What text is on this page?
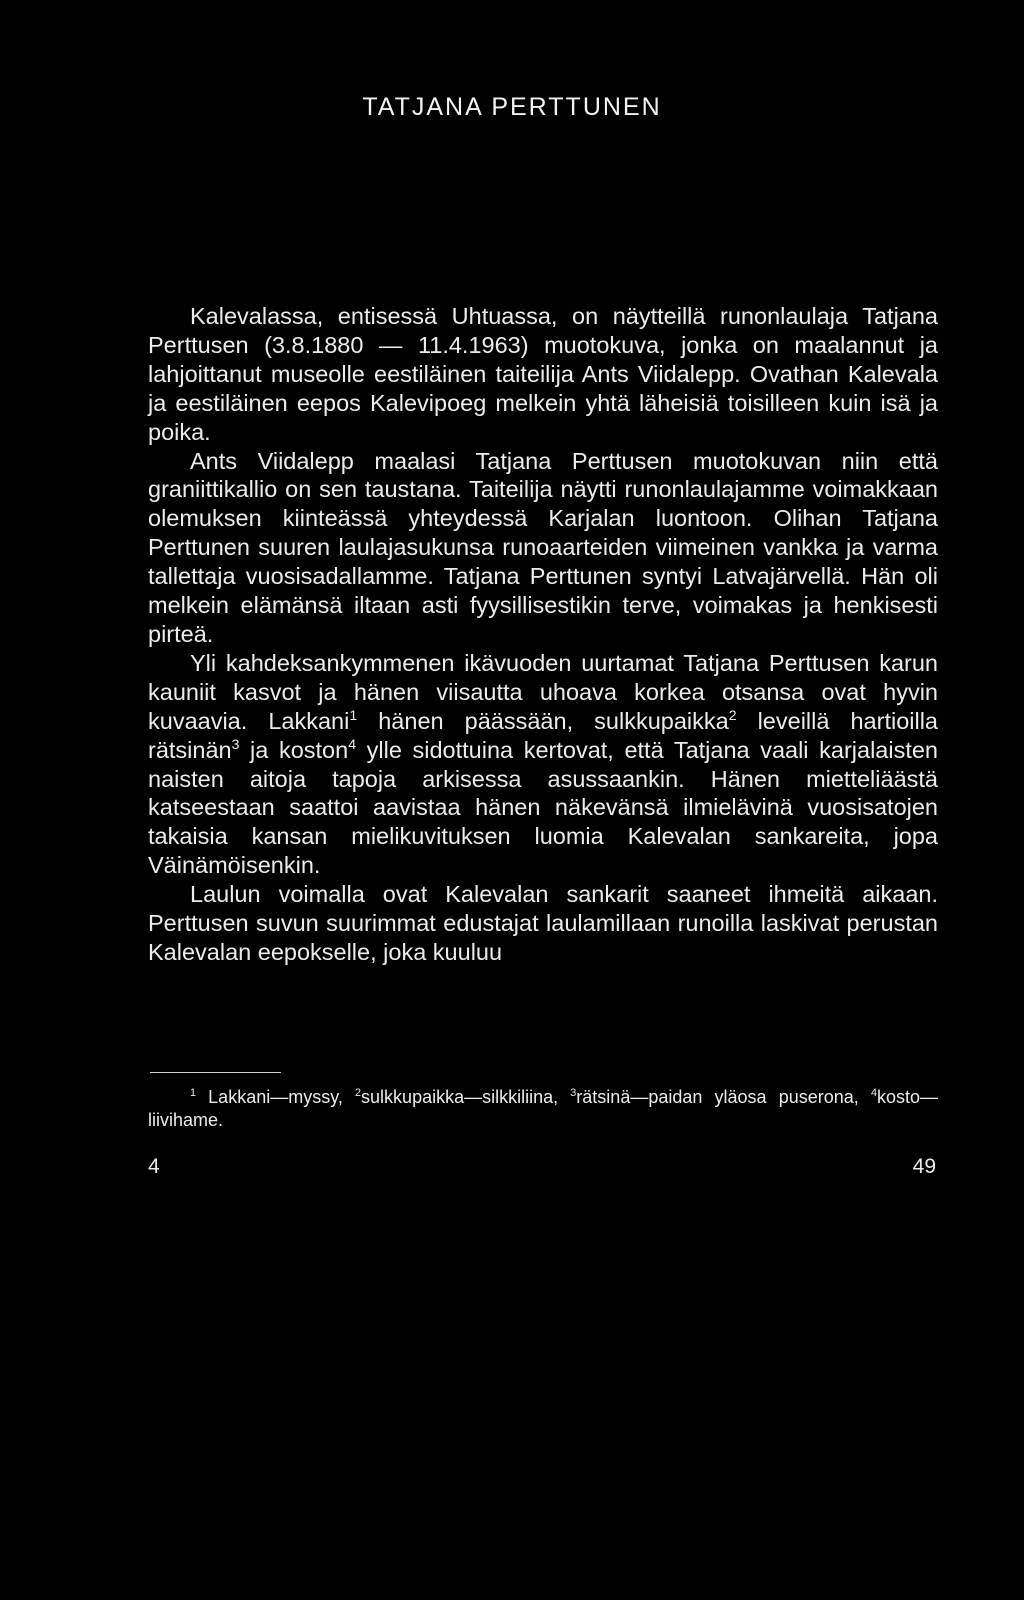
TATJANA PERTTUNEN

Kalevalassa, entisessä Uhtuassa, on näytteillä runonlaulaja Tatjana Perttusen (3.8.1880 — 11.4.1963) muotokuva, jonka on maalannut ja lahjoittanut museolle eestiläinen taiteilija Ants Viidalepp. Ovathan Kalevala ja eestiläinen eepos Kalevipoeg melkein yhtä läheisiä toisilleen kuin isä ja poika.

Ants Viidalepp maalasi Tatjana Perttusen muotokuvan niin että graniittikallio on sen taustana. Taiteilija näytti runonlaulajamme voimakkaan olemuksen kiinteässä yhteydessä Karjalan luontoon. Olihan Tatjana Perttunen suuren laulajasukunsa runoaarteiden viimeinen vankka ja varma tallettaja vuosisadallamme. Tatjana Perttunen syntyi Latvajärvellä. Hän oli melkein elämänsä iltaan asti fyysillisestikin terve, voimakas ja henkisesti pirteä.

Yli kahdeksankymmenen ikävuoden uurtamat Tatjana Perttusen karun kauniit kasvot ja hänen viisautta uhoava korkea otsansa ovat hyvin kuvaavia. Lakkani$^1$ hänen päässään, sulkkupaikka$^2$ leveillä hartioilla rätsinän$^3$ ja koston$^4$ ylle sidottuina kertovat, että Tatjana vaali karjalaisten naisten aitoja tapoja arkisessa asussaankin. Hänen mietteliäästä katseestaan saattoi aavistaa hänen näkevänsä ilmielävinä vuosisatojen takaisia kansan mielikuvituksen luomia Kalevalan sankareita, jopa Väinämöisenkin.

Laulun voimalla ovat Kalevalan sankarit saaneet ihmeitä aikaan. Perttusen suvun suurimmat edustajat laulamillaan runoilla laskivat perustan Kalevalan eepokselle, joka kuuluu

$^1$ Lakkani—myssy, $^2$sulkkupaikka—silkkiliina, $^3$rätsinä—paidan yläosa puserona, $^4$kosto—liivihame.

4	49
